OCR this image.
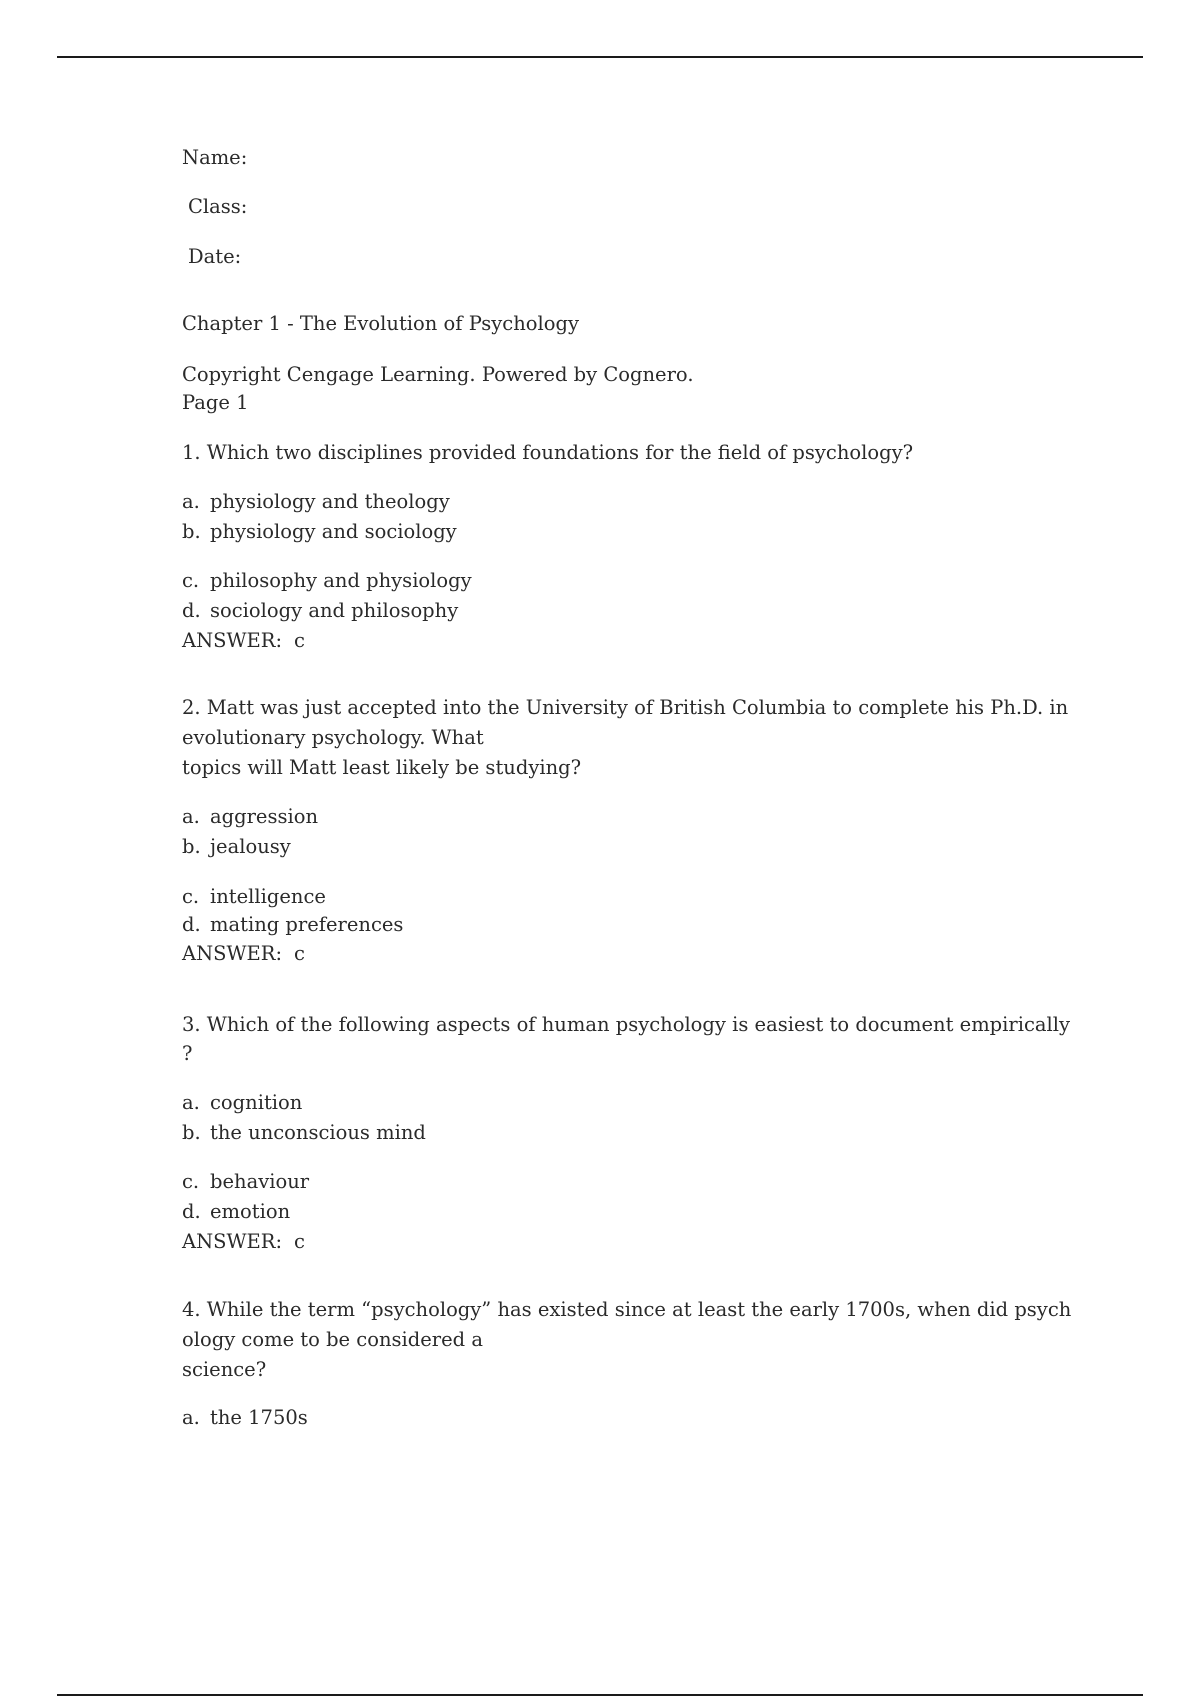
Name:
Class:
Date:
Chapter 1 - The Evolution of Psychology
Copyright Cengage Learning. Powered by Cognero.
Page 1
1. Which two disciplines provided foundations for the field of psychology?
a. physiology and theology
b. physiology and sociology
c. philosophy and physiology
d. sociology and philosophy
ANSWER: c
2. Matt was just accepted into the University of British Columbia to complete his Ph.D. in
evolutionary psychology. What
topics will Matt least likely be studying?
a. aggression
b. jealousy
c. intelligence
d. mating preferences
ANSWER: c
3. Which of the following aspects of human psychology is easiest to document empirically
?
a. cognition
b. the unconscious mind
c. behaviour
d. emotion
ANSWER: c
4. While the term “psychology” has existed since at least the early 1700s, when did psych
ology come to be considered a
science?
a. the 1750s
